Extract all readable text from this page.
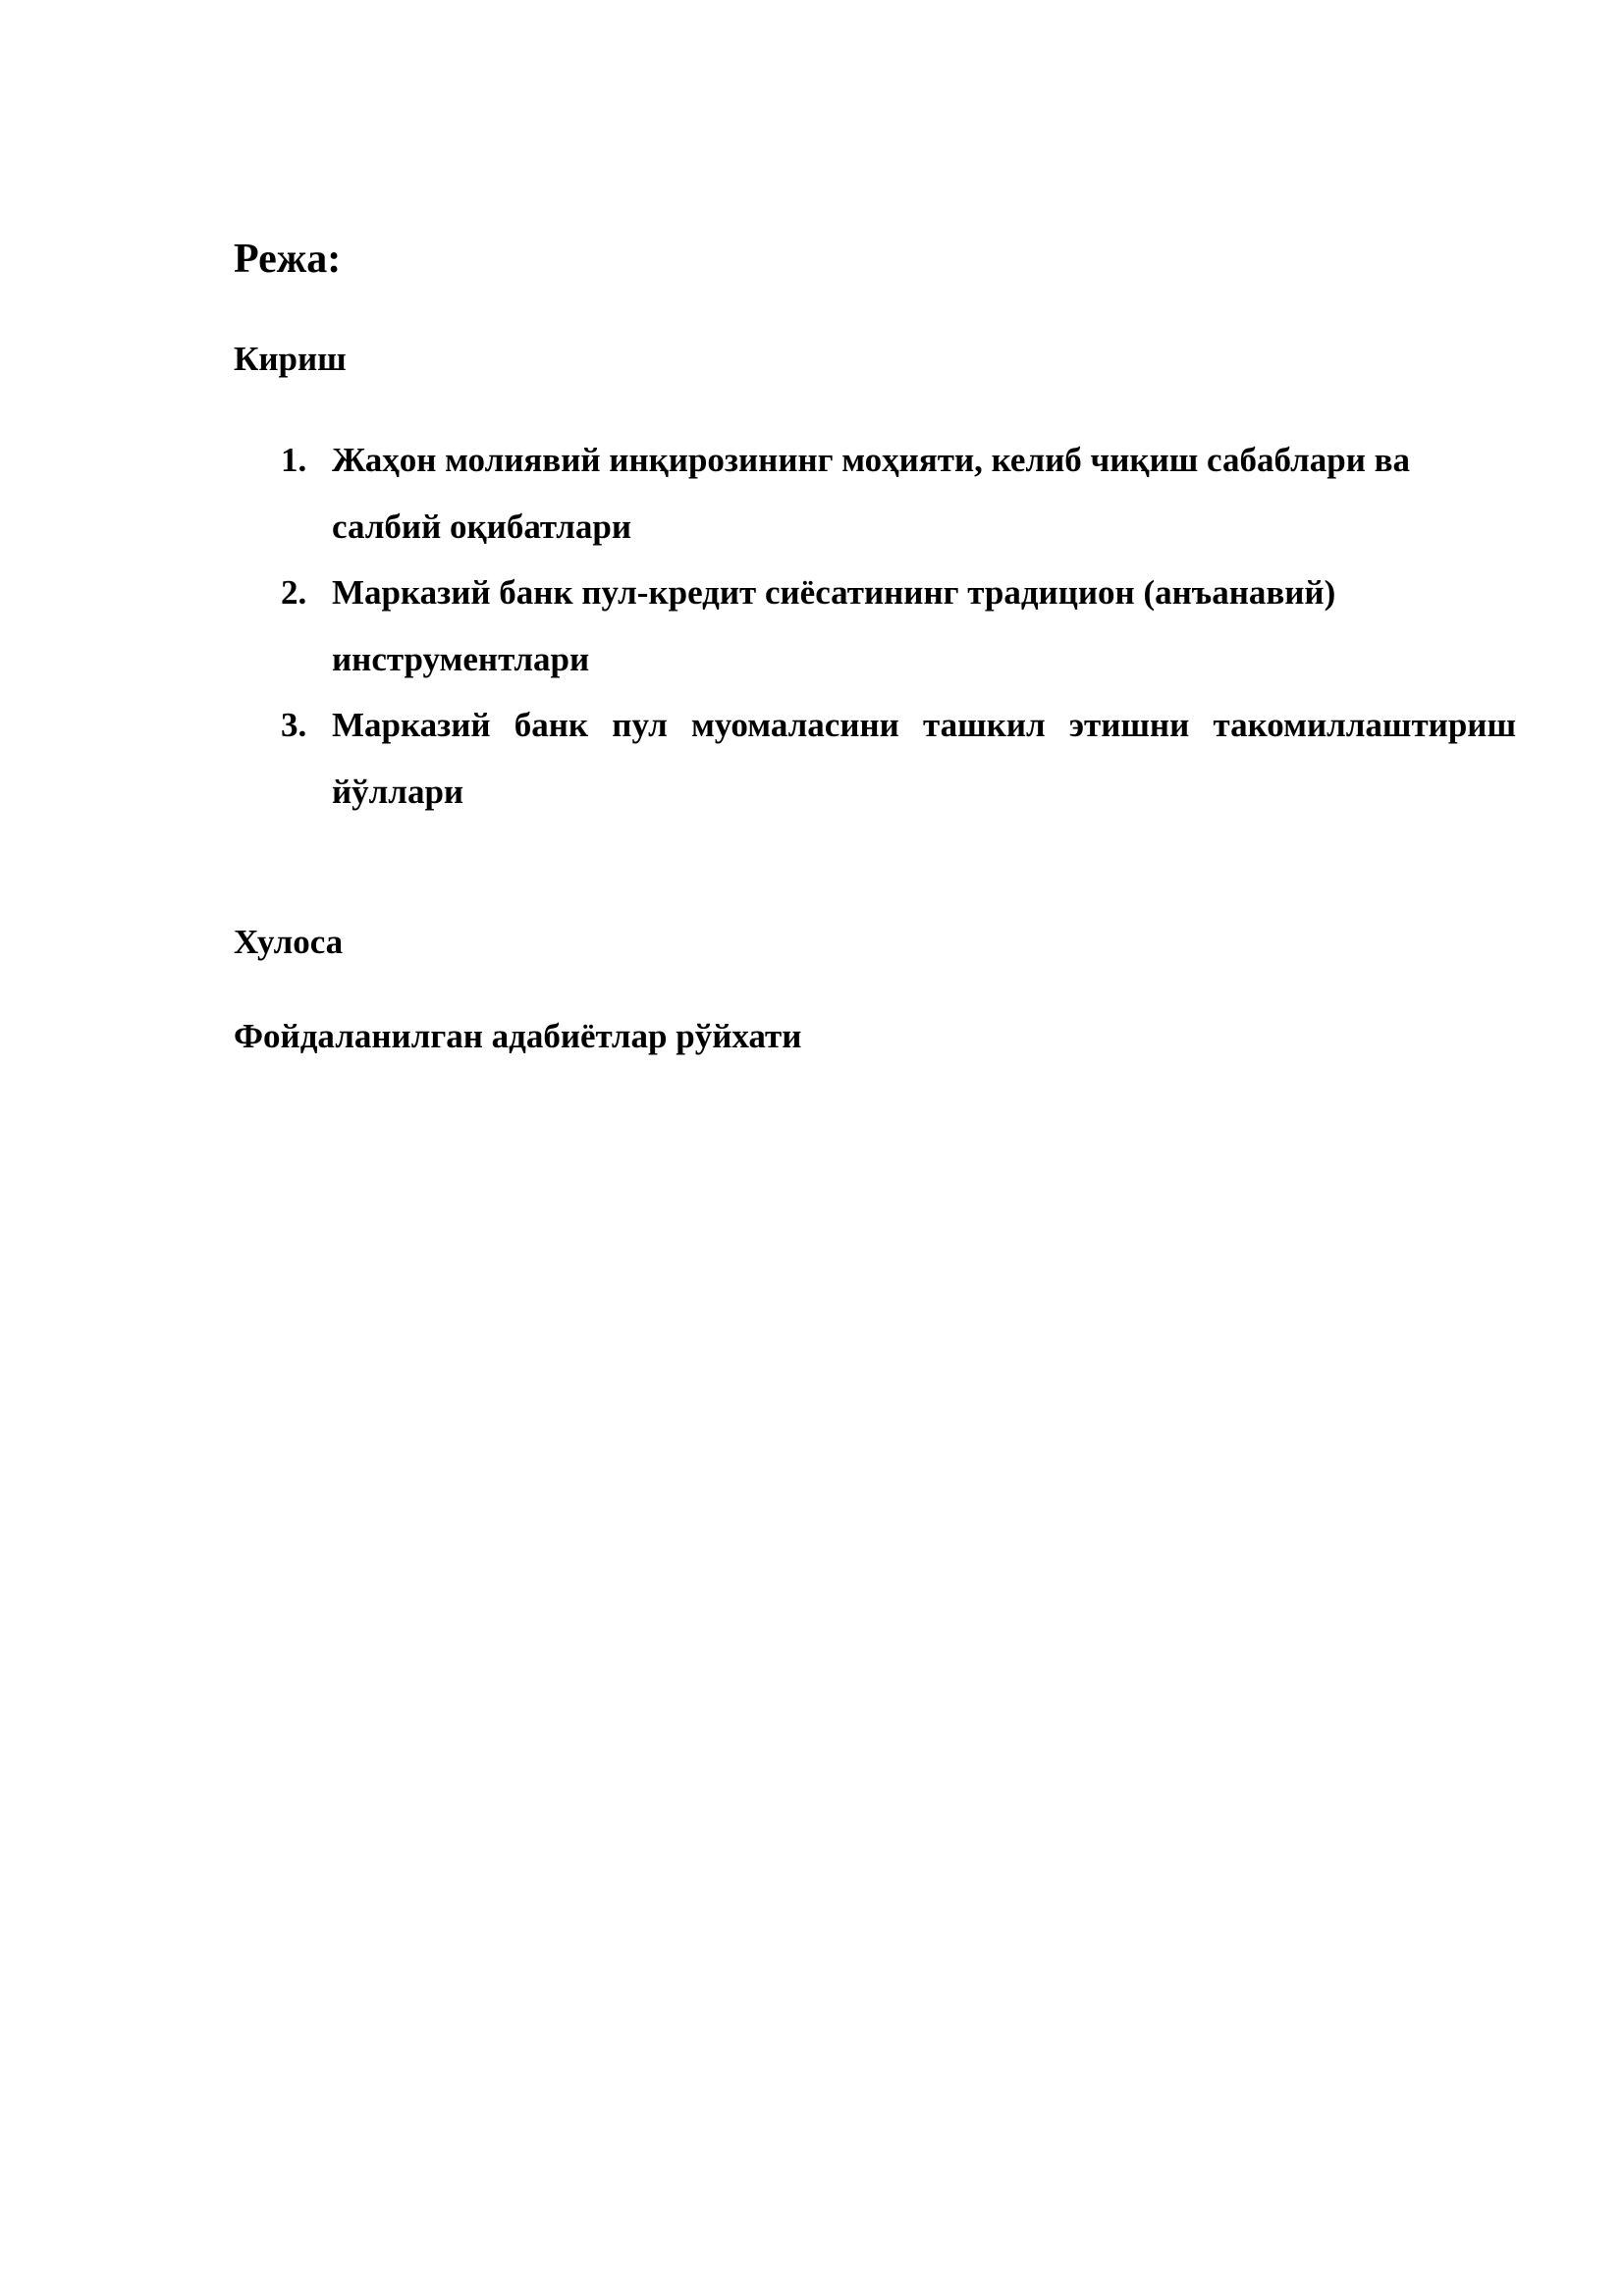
Режа:
Кириш
1. Жаҳон молиявий инқирозининг моҳияти, келиб чиқиш сабаблари ва салбий оқибатлари
2. Марказий банк пул-кредит сиёсатининг традицион (анъанавий) инструментлари
3. Марказий банк пул муомаласини ташкил этишни такомиллаштириш йўллари
Хулоса
Фойдаланилган адабиётлар рўйхати
